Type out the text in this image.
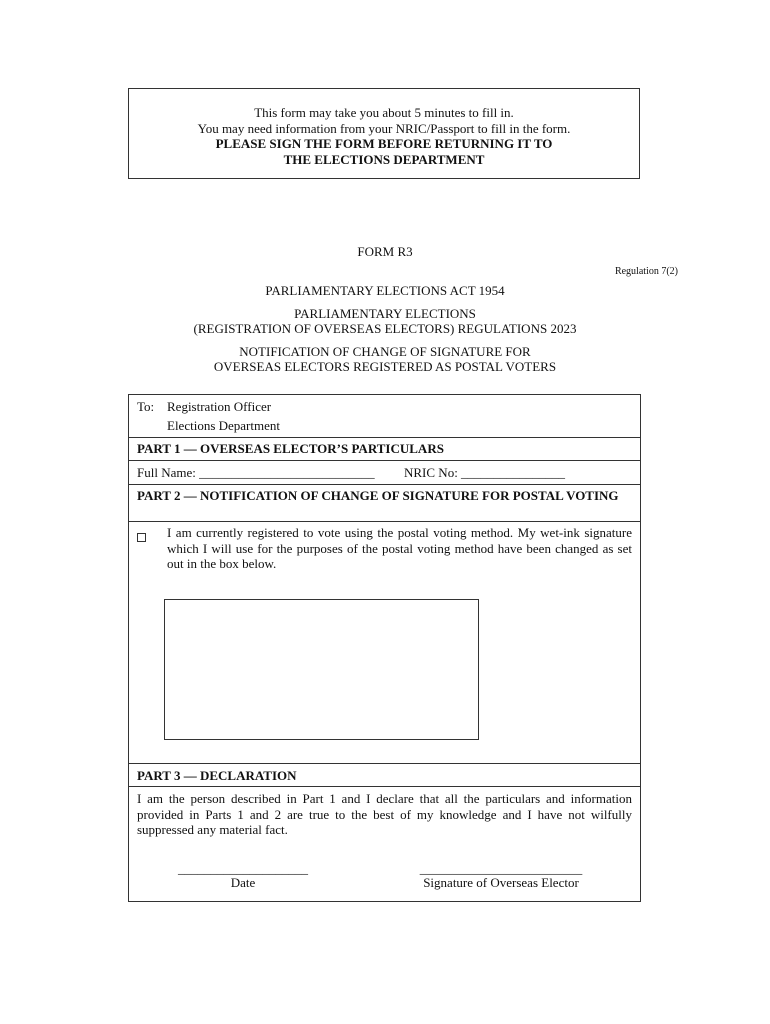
This form may take you about 5 minutes to fill in.
You may need information from your NRIC/Passport to fill in the form.
PLEASE SIGN THE FORM BEFORE RETURNING IT TO
THE ELECTIONS DEPARTMENT
FORM R3
Regulation 7(2)
PARLIAMENTARY ELECTIONS ACT 1954
PARLIAMENTARY ELECTIONS
(REGISTRATION OF OVERSEAS ELECTORS) REGULATIONS 2023
NOTIFICATION OF CHANGE OF SIGNATURE FOR
OVERSEAS ELECTORS REGISTERED AS POSTAL VOTERS
To: Registration Officer
Elections Department
PART 1 — OVERSEAS ELECTOR’S PARTICULARS
Full Name: ___________________________ NRIC No: ________________
PART 2 — NOTIFICATION OF CHANGE OF SIGNATURE FOR POSTAL VOTING
I am currently registered to vote using the postal voting method. My wet-ink signature which I will use for the purposes of the postal voting method have been changed as set out in the box below.
PART 3 — DECLARATION
I am the person described in Part 1 and I declare that all the particulars and information provided in Parts 1 and 2 are true to the best of my knowledge and I have not wilfully suppressed any material fact.
____________________
Date
_________________________
Signature of Overseas Elector
